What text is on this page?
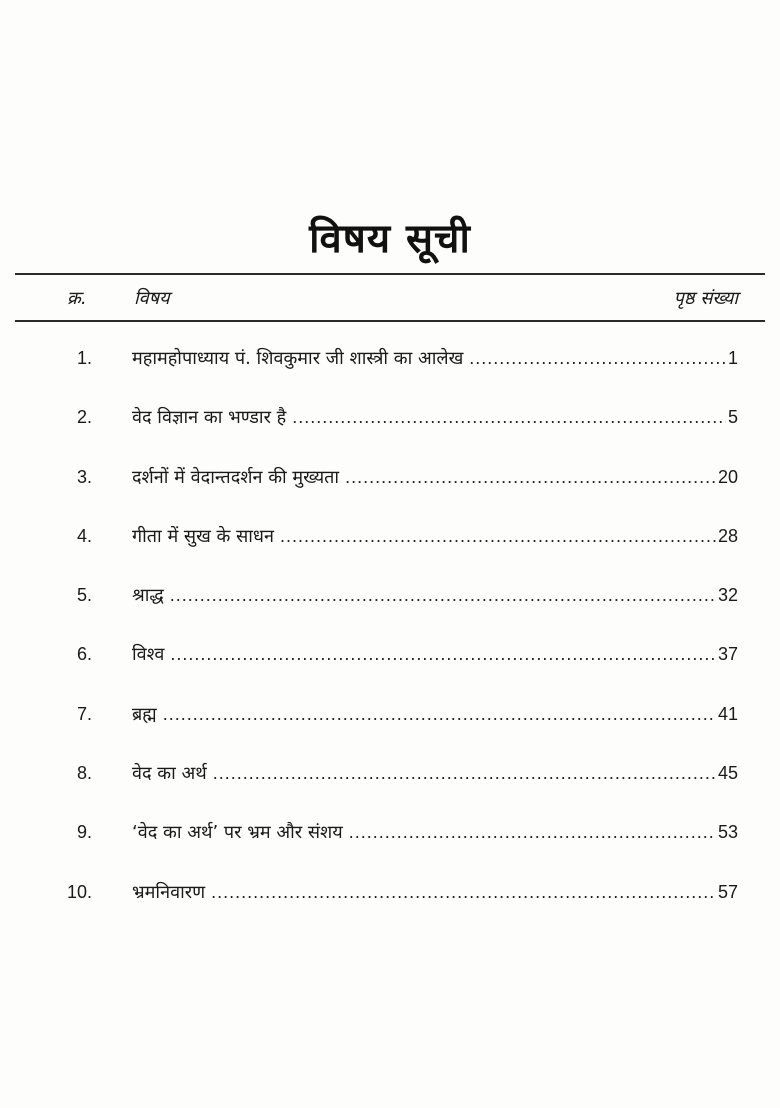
विषय सूची
क्र.	विषय	पृष्ठ संख्या
1. महामहोपाध्याय पं. शिवकुमार जी शास्त्री का आलेख .....	1
2. वेद विज्ञान का भण्डार है .....	5
3. दर्शनों में वेदान्तदर्शन की मुख्यता .....	20
4. गीता में सुख के साधन .....	28
5. श्राद्ध .....	32
6. विश्व .....	37
7. ब्रह्म .....	41
8. वेद का अर्थ .....	45
9. ‘वेद का अर्थ’ पर भ्रम और संशय .....	53
10. भ्रमनिवारण .....	57
